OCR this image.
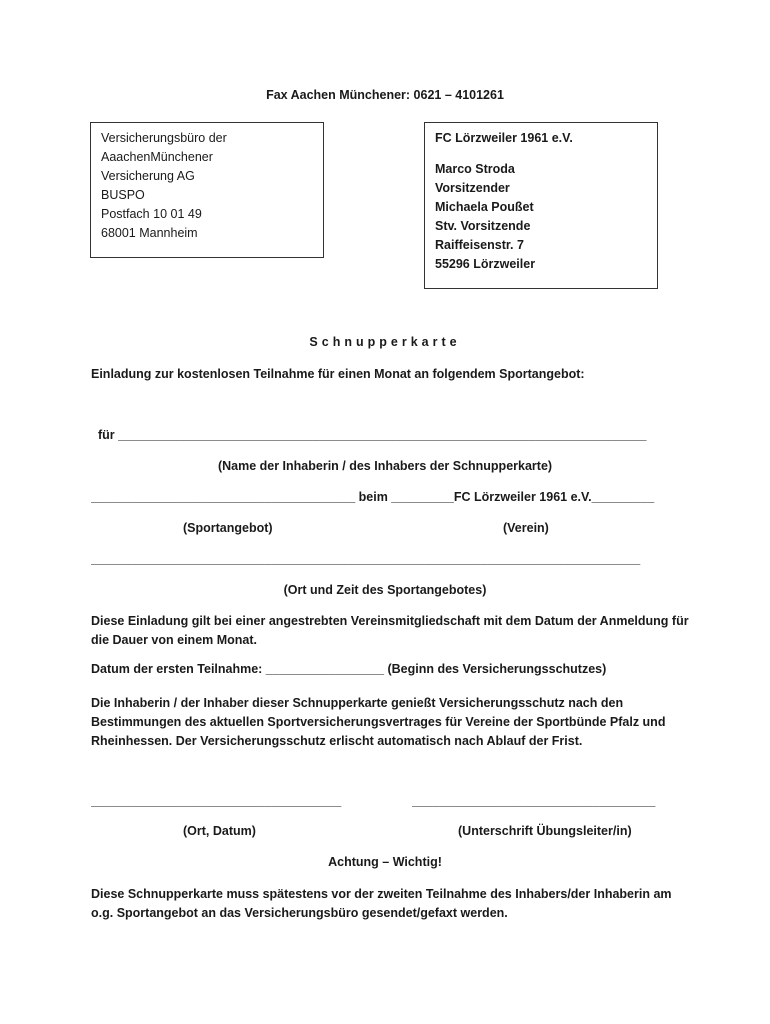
Fax Aachen Münchener: 0621 – 4101261
Versicherungsbüro der
AaachenMünchener
Versicherung AG
BUSPO
Postfach 10 01 49
68001 Mannheim
FC Lörzweiler 1961 e.V.
Marco Stroda
Vorsitzender
Michaela Poußet
Stv. Vorsitzende
Raiffeisenstr. 7
55296 Lörzweiler
Schnupperkarte
Einladung zur kostenlosen Teilnahme für einen Monat an folgendem Sportangebot:
für ____________________________________________________________________________
(Name der Inhaberin / des Inhabers der Schnupperkarte)
______________________________________ beim _________FC Lörzweiler 1961 e.V._________
(Sportangebot)	(Verein)
_______________________________________________________________________________
(Ort und Zeit des Sportangebotes)
Diese Einladung gilt bei einer angestrebten Vereinsmitgliedschaft mit dem Datum der Anmeldung für die Dauer von einem Monat.
Datum der ersten Teilnahme: _________________ (Beginn des Versicherungsschutzes)
Die Inhaberin / der Inhaber dieser Schnupperkarte genießt Versicherungsschutz nach den Bestimmungen des aktuellen Sportversicherungsvertrages für Vereine der Sportbünde Pfalz und Rheinhessen. Der Versicherungsschutz erlischt automatisch nach Ablauf der Frist.
____________________________________	___________________________________
(Ort, Datum)	(Unterschrift Übungsleiter/in)
Achtung – Wichtig!
Diese Schnupperkarte muss spätestens vor der zweiten Teilnahme des Inhabers/der Inhaberin am o.g. Sportangebot an das Versicherungsbüro gesendet/gefaxt werden.
